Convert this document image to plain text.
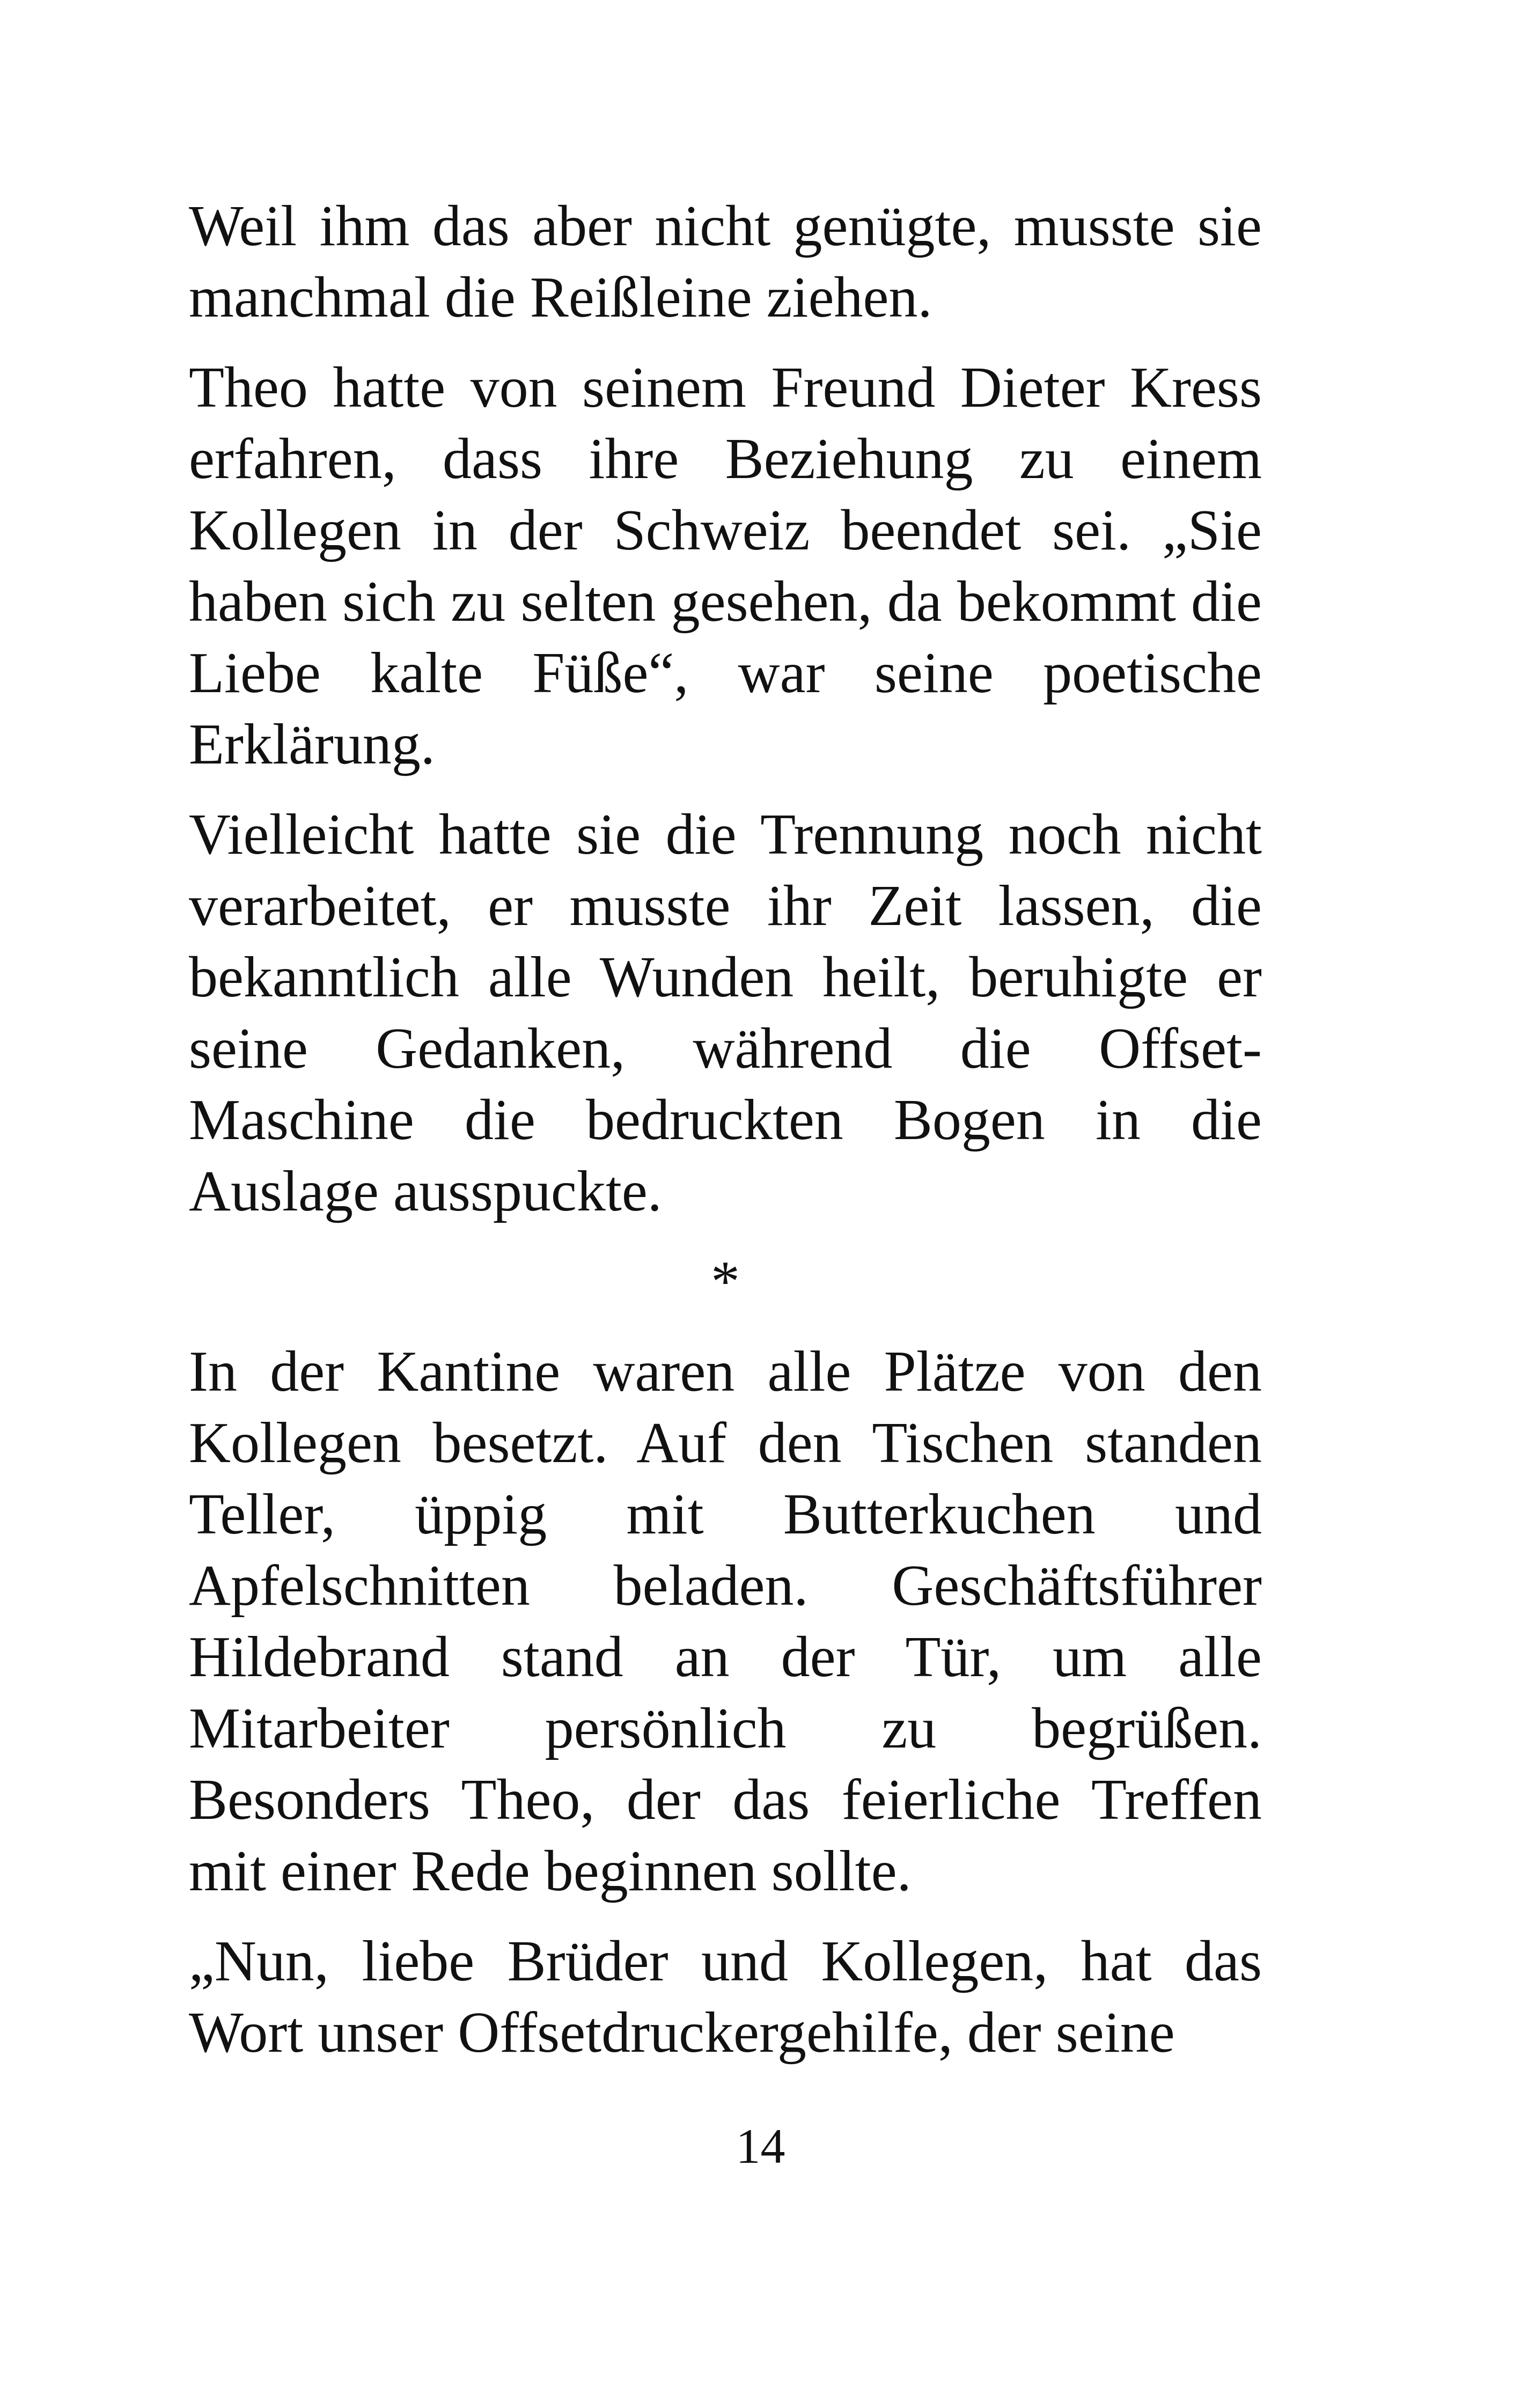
Weil ihm das aber nicht genügte, musste sie manchmal die Reißleine ziehen.

Theo hatte von seinem Freund Dieter Kress erfahren, dass ihre Beziehung zu einem Kollegen in der Schweiz beendet sei. „Sie haben sich zu selten gesehen, da bekommt die Liebe kalte Füße“, war seine poetische Erklärung.

Vielleicht hatte sie die Trennung noch nicht verarbeitet, er musste ihr Zeit lassen, die bekanntlich alle Wunden heilt, beruhigte er seine Gedanken, während die Offset-Maschine die bedruckten Bogen in die Auslage ausspuckte.

*

In der Kantine waren alle Plätze von den Kollegen besetzt. Auf den Tischen standen Teller, üppig mit Butterkuchen und Apfelschnitten beladen. Geschäftsführer Hildebrand stand an der Tür, um alle Mitarbeiter persönlich zu begrüßen. Besonders Theo, der das feierliche Treffen mit einer Rede beginnen sollte.

„Nun, liebe Brüder und Kollegen, hat das Wort unser Offsetdruckergehilfe, der seine

14
